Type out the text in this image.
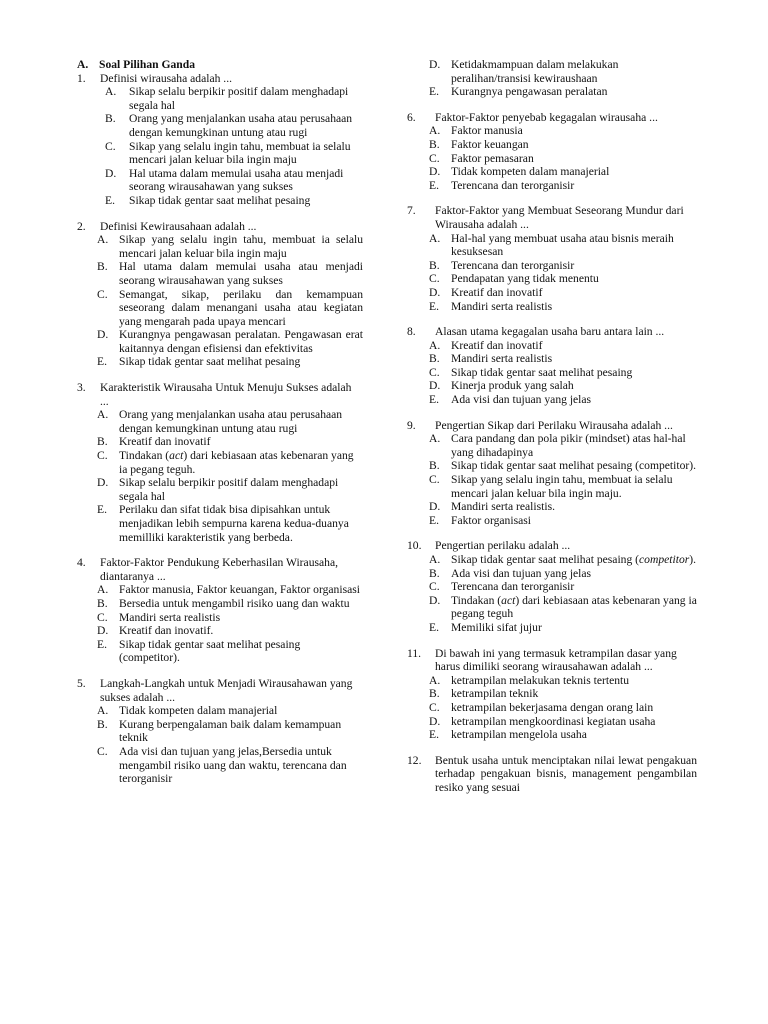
A. Soal Pilihan Ganda
1.	Definisi wirausaha adalah ...
A.	Sikap selalu berpikir positif dalam menghadapi segala hal
B.	Orang yang menjalankan usaha atau perusahaan dengan kemungkinan untung atau rugi
C.	Sikap yang selalu ingin tahu, membuat ia selalu mencari jalan keluar bila ingin maju
D.	Hal utama dalam memulai usaha atau menjadi seorang wirausahawan yang sukses
E.	Sikap tidak gentar saat melihat pesaing
2.	Definisi Kewirausahaan adalah ...
A. Sikap yang selalu ingin tahu, membuat ia selalu mencari jalan keluar bila ingin maju
B. Hal utama dalam memulai usaha atau menjadi seorang wirausahawan yang sukses
C. Semangat, sikap, perilaku dan kemampuan seseorang dalam menangani usaha atau kegiatan yang mengarah pada upaya mencari
D. Kurangnya pengawasan peralatan. Pengawasan erat kaitannya dengan efisiensi dan efektivitas
E.	Sikap tidak gentar saat melihat pesaing
3.	Karakteristik Wirausaha Untuk Menuju Sukses adalah ...
A. Orang yang menjalankan usaha atau perusahaan dengan kemungkinan untung atau rugi
B. Kreatif dan inovatif
C. Tindakan (act) dari kebiasaan atas kebenaran yang ia pegang teguh.
D. Sikap selalu berpikir positif dalam menghadapi segala hal
E.	Perilaku dan sifat tidak bisa dipisahkan untuk menjadikan lebih sempurna karena kedua-duanya memilliki karakteristik yang berbeda.
4.	Faktor-Faktor Pendukung Keberhasilan Wirausaha, diantaranya ...
A. Faktor manusia, Faktor keuangan, Faktor organisasi
B. Bersedia untuk mengambil risiko uang dan waktu
C. Mandiri serta realistis
D. Kreatif dan inovatif.
E.	Sikap tidak gentar saat melihat pesaing (competitor).
5.	Langkah-Langkah untuk Menjadi Wirausahawan yang sukses adalah ...
A. Tidak kompeten dalam manajerial
B. Kurang berpengalaman baik dalam kemampuan teknik
C. Ada visi dan tujuan yang jelas,Bersedia untuk mengambil risiko uang dan waktu, terencana dan terorganisir
D. Ketidakmampuan dalam melakukan peralihan/transisi kewiraushaan
E.	Kurangnya pengawasan peralatan
6.	Faktor-Faktor penyebab kegagalan wirausaha ...
A. Faktor manusia
B. Faktor keuangan
C. Faktor pemasaran
D. Tidak kompeten dalam manajerial
E.	Terencana dan terorganisir
7.	Faktor-Faktor yang Membuat Seseorang Mundur dari Wirausaha adalah ...
A. Hal-hal yang membuat usaha atau bisnis meraih kesuksesan
B. Terencana dan terorganisir
C. Pendapatan yang tidak menentu
D. Kreatif dan inovatif
E.	Mandiri serta realistis
8.	Alasan utama kegagalan usaha baru antara lain ...
A. Kreatif dan inovatif
B. Mandiri serta realistis
C. Sikap tidak gentar saat melihat pesaing
D. Kinerja produk yang salah
E.	Ada visi dan tujuan yang jelas
9.	Pengertian Sikap dari Perilaku Wirausaha adalah ...
A. Cara pandang dan pola pikir (mindset) atas hal-hal yang dihadapinya
B. Sikap tidak gentar saat melihat pesaing (competitor).
C. Sikap yang selalu ingin tahu, membuat ia selalu mencari jalan keluar bila ingin maju.
D. Mandiri serta realistis.
E.	Faktor organisasi
10.	Pengertian perilaku adalah ...
A. Sikap tidak gentar saat melihat pesaing (competitor).
B. Ada visi dan tujuan yang jelas
C. Terencana dan terorganisir
D. Tindakan (act) dari kebiasaan atas kebenaran yang ia pegang teguh
E.	Memiliki sifat jujur
11.	Di bawah ini yang termasuk ketrampilan dasar yang harus dimiliki seorang wirausahawan adalah ...
A. ketrampilan melakukan teknis tertentu
B. ketrampilan teknik
C. ketrampilan bekerjasama dengan orang lain
D. ketrampilan mengkoordinasi kegiatan usaha
E.	ketrampilan mengelola usaha
12.	Bentuk usaha untuk menciptakan nilai lewat pengakuan terhadap pengakuan bisnis, management pengambilan resiko yang sesuai
